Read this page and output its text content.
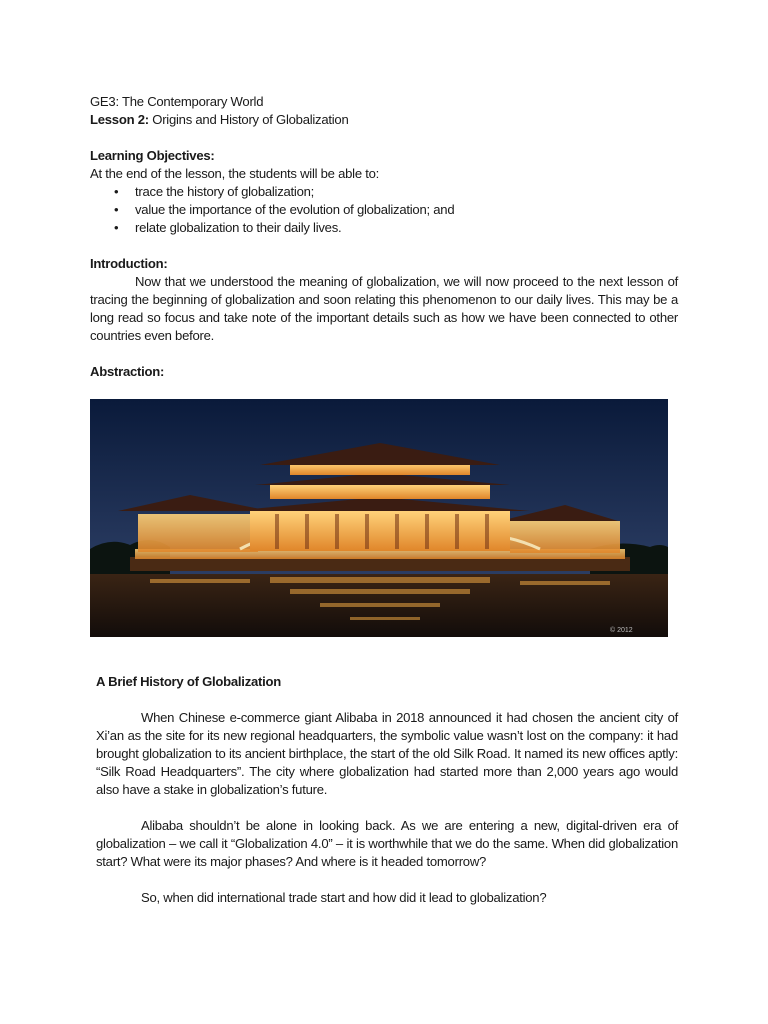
GE3: The Contemporary World
Lesson 2: Origins and History of Globalization
Learning Objectives:
At the end of the lesson, the students will be able to:
• trace the history of globalization;
• value the importance of the evolution of globalization; and
• relate globalization to their daily lives.
Introduction:

Now that we understood the meaning of globalization, we will now proceed to the next lesson of tracing the beginning of globalization and soon relating this phenomenon to our daily lives. This may be a long read so focus and take note of the important details such as how we have been connected to other countries even before.

Abstraction:
© 2012
A Brief History of Globalization

When Chinese e-commerce giant Alibaba in 2018 announced it had chosen the ancient city of Xi’an as the site for its new regional headquarters, the symbolic value wasn’t lost on the company: it had brought globalization to its ancient birthplace, the start of the old Silk Road. It named its new offices aptly: “Silk Road Headquarters”. The city where globalization had started more than 2,000 years ago would also have a stake in globalization’s future.

Alibaba shouldn’t be alone in looking back. As we are entering a new, digital-driven era of globalization – we call it “Globalization 4.0” – it is worthwhile that we do the same. When did globalization start? What were its major phases? And where is it headed tomorrow?

So, when did international trade start and how did it lead to globalization?
